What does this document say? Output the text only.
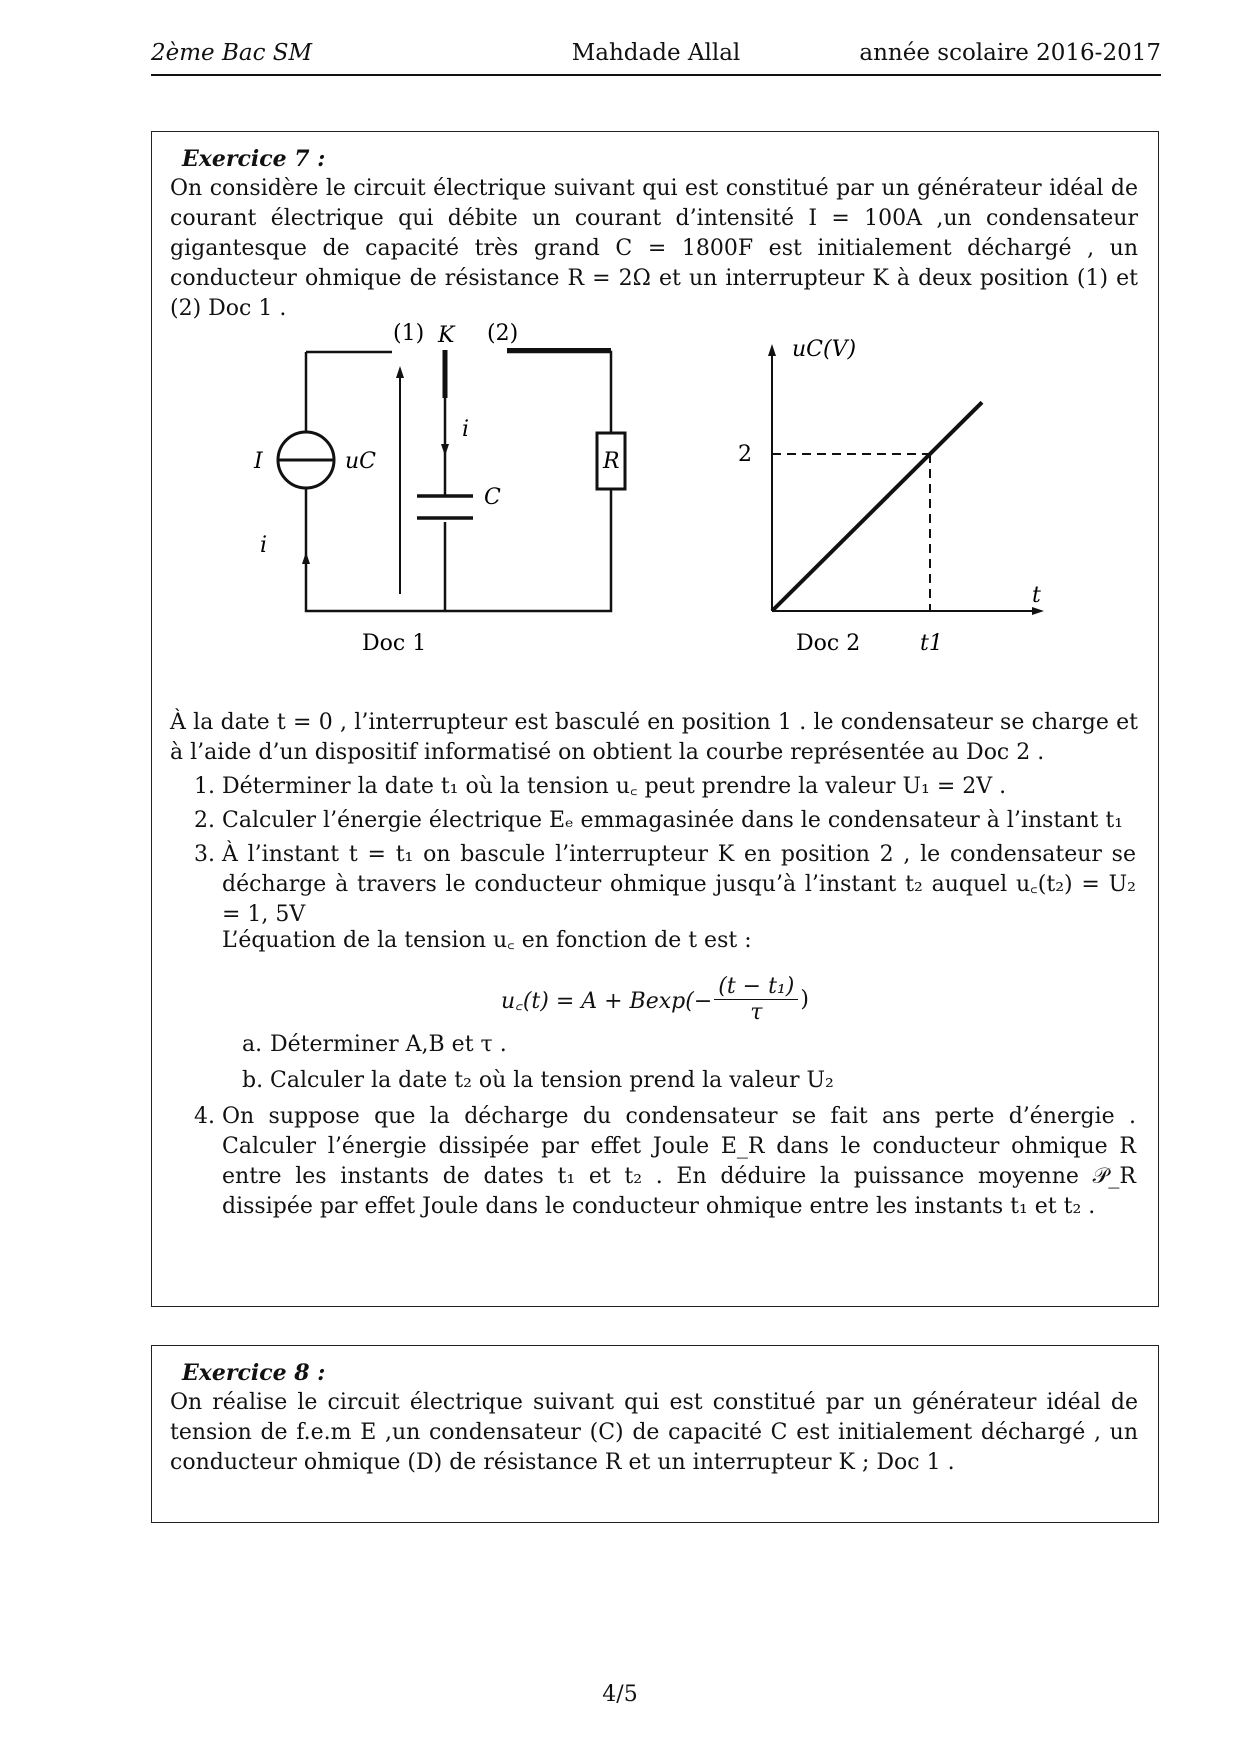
2ème Bac SM	Mahdade Allal	année scolaire 2016-2017
Exercice 7 :
On considère le circuit électrique suivant qui est constitué par un générateur idéal de courant électrique qui débite un courant d’intensité I = 100A ,un condensateur gigantesque de capacité très grand C = 1800F est initialement déchargé , un conducteur ohmique de résistance R = 2Ω et un interrupteur K à deux position (1) et (2) Doc 1 .
(1) K (2)
I	uC
i
C
R
i
Doc 1
uC(V)
t
2
t1
Doc 2
À la date t = 0 , l’interrupteur est basculé en position 1 . le condensateur se charge et à l’aide d’un dispositif informatisé on obtient la courbe représentée au Doc 2 .
1. Déterminer la date t₁ où la tension u꜀ peut prendre la valeur U₁ = 2V .
2. Calculer l’énergie électrique Eₑ emmagasinée dans le condensateur à l’instant t₁
3. À l’instant t = t₁ on bascule l’interrupteur K en position 2 , le condensateur se décharge à travers le conducteur ohmique jusqu’à l’instant t₂ auquel u꜀(t₂) = U₂ = 1, 5V
L’équation de la tension u꜀ en fonction de t est :
u꜀(t) = $A + Bexp(- \frac{\text{(t − t₁)}}{\tau}$ )
a. Déterminer A,B et τ .
b. Calculer la date t₂ où la tension prend la valeur U₂
4. On suppose que la décharge du condensateur se fait ans perte d’énergie . Calculer l’énergie dissipée par effet Joule E_R dans le conducteur ohmique R entre les instants de dates t₁ et t₂ . En déduire la puissance moyenne 𝒫_R dissipée par effet Joule dans le conducteur ohmique entre les instants t₁ et t₂ .
Exercice 8 :
On réalise le circuit électrique suivant qui est constitué par un générateur idéal de tension de f.e.m E ,un condensateur (C) de capacité C est initialement déchargé , un conducteur ohmique (D) de résistance R et un interrupteur K ; Doc 1 .
4/5
